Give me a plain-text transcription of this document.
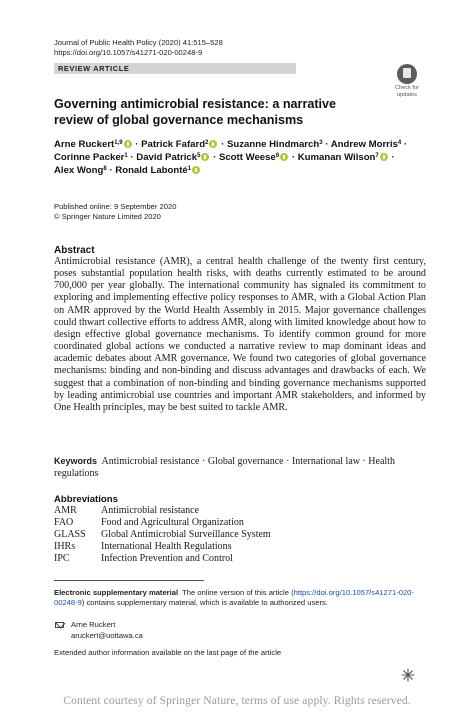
Journal of Public Health Policy (2020) 41:515–528
https://doi.org/10.1057/s41271-020-00248-9
REVIEW ARTICLE
Check for
updates
Governing antimicrobial resistance: a narrative review of global governance mechanisms
Arne Ruckert$^{1,9}$ · Patrick Fafard$^2$ · Suzanne Hindmarch$^3$ · Andrew Morris$^4$ ·
Corinne Packer$^1$ · David Patrick$^5$ · Scott Weese$^6$ · Kumanan Wilson$^7$ ·
Alex Wong$^8$ · Ronald Labonté$^1$
Published online: 9 September 2020
© Springer Nature Limited 2020
Abstract
Antimicrobial resistance (AMR), a central health challenge of the twenty first century, poses substantial population health risks, with deaths currently estimated to be around 700,000 per year globally. The international community has signaled its commitment to exploring and implementing effective policy responses to AMR, with a Global Action Plan on AMR approved by the World Health Assembly in 2015. Major governance challenges could thwart collective efforts to address AMR, along with limited knowledge about how to design effective global governance mechanisms. To identify common ground for more coordinated global actions we conducted a narrative review to map dominant ideas and academic debates about AMR governance. We found two categories of global governance mechanisms: binding and non-binding and discuss advantages and drawbacks of each. We suggest that a combination of non-binding and binding governance mechanisms supported by leading antimicrobial use countries and important AMR stakeholders, and informed by One Health principles, may be best suited to tackle AMR.
Keywords Antimicrobial resistance · Global governance · International law · Health regulations
Abbreviations
AMR Antimicrobial resistance
FAO	Food and Agricultural Organization
GLASS Global Antimicrobial Surveillance System
IHRs	International Health Regulations
IPC	Infection Prevention and Control
Electronic supplementary material The online version of this article (https://doi.org/10.1057/s41271-020-00248-9) contains supplementary material, which is available to authorized users.
Arne Ruckert
aruckert@uottawa.ca
Extended author information available on the last page of the article
Content courtesy of Springer Nature, terms of use apply. Rights reserved.
